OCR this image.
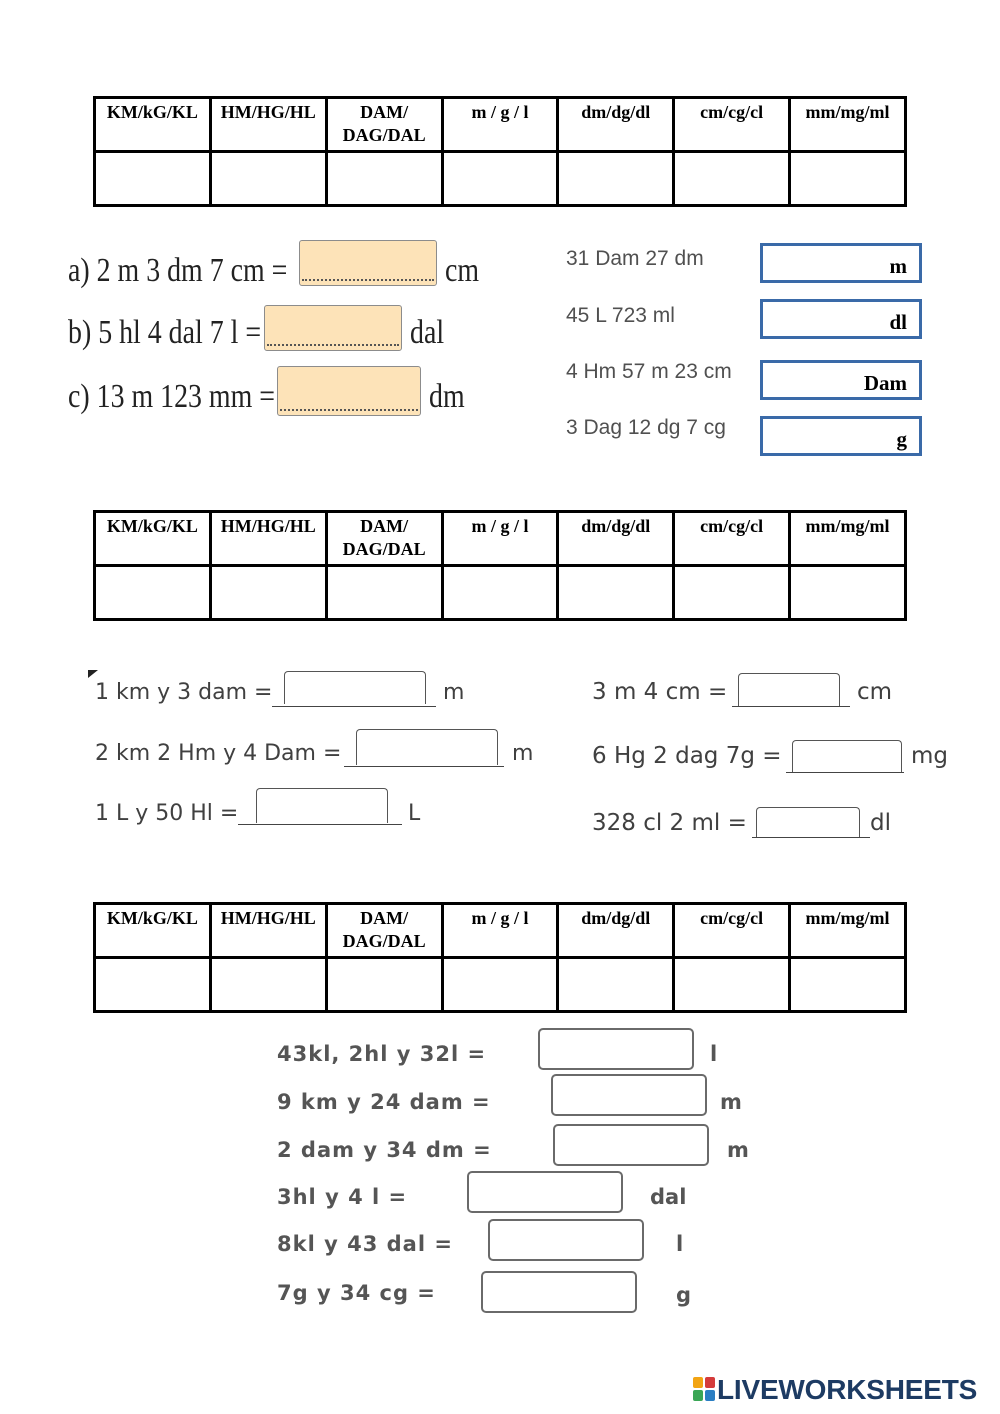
KM/kG/KL	HM/HG/HL	DAM/
DAG/DAL	m / g / l	dm/dg/dl	cm/cg/cl	mm/mg/ml

a) 2 m 3 dm 7 cm =	cm
b) 5 hl 4 dal 7 l =	dal
c) 13 m 123 mm =	dm
31 Dam 27 dm	m
45 L 723 ml	dl
4 Hm 57 m 23 cm	Dam
3 Dag 12 dg 7 cg	g
KM/kG/KL	HM/HG/HL	DAM/
DAG/DAL	m / g / l	dm/dg/dl	cm/cg/cl	mm/mg/ml

1 km y 3 dam =	m
2 km 2 Hm y 4 Dam =	m
1 L y 50 Hl =	L
3 m 4 cm =	cm
6 Hg 2 dag 7g =	mg
328 cl 2 ml =	dl
KM/kG/KL	HM/HG/HL	DAM/
DAG/DAL	m / g / l	dm/dg/dl	cm/cg/cl	mm/mg/ml

43kl, 2hl y 32l =	l
9 km y 24 dam =	m
2 dam y 34 dm =	m
3hl y 4 l =	dal
8kl y 43 dal =	l
7g y 34 cg =	g
LIVEWORKSHEETS
